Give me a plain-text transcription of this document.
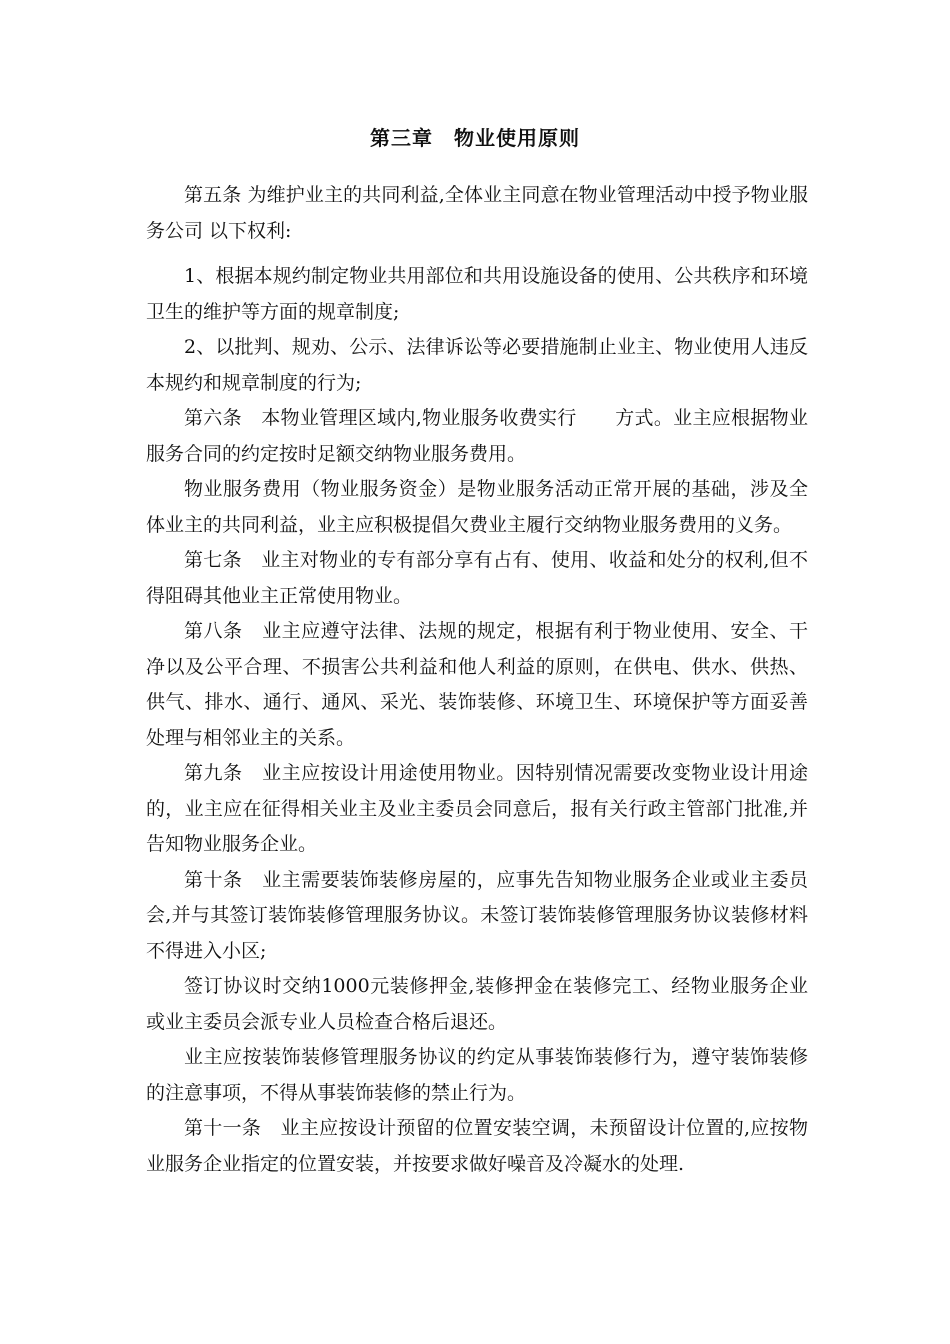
第三章　物业使用原则

第五条 为维护业主的共同利益,全体业主同意在物业管理活动中授予物业服务公司 以下权利:

1、根据本规约制定物业共用部位和共用设施设备的使用、公共秩序和环境卫生的维护等方面的规章制度;

2、以批判、规劝、公示、法律诉讼等必要措施制止业主、物业使用人违反本规约和规章制度的行为;

第六条　本物业管理区域内,物业服务收费实行　　方式。业主应根据物业服务合同的约定按时足额交纳物业服务费用。

物业服务费用（物业服务资金）是物业服务活动正常开展的基础，涉及全体业主的共同利益，业主应积极提倡欠费业主履行交纳物业服务费用的义务。

第七条　业主对物业的专有部分享有占有、使用、收益和处分的权利,但不得阻碍其他业主正常使用物业。

第八条　业主应遵守法律、法规的规定，根据有利于物业使用、安全、干净以及公平合理、不损害公共利益和他人利益的原则，在供电、供水、供热、供气、排水、通行、通风、采光、装饰装修、环境卫生、环境保护等方面妥善处理与相邻业主的关系。

第九条　业主应按设计用途使用物业。因特别情况需要改变物业设计用途的，业主应在征得相关业主及业主委员会同意后，报有关行政主管部门批准,并告知物业服务企业。

第十条　业主需要装饰装修房屋的，应事先告知物业服务企业或业主委员会,并与其签订装饰装修管理服务协议。未签订装饰装修管理服务协议装修材料不得进入小区;

签订协议时交纳1000元装修押金,装修押金在装修完工、经物业服务企业或业主委员会派专业人员检查合格后退还。

业主应按装饰装修管理服务协议的约定从事装饰装修行为，遵守装饰装修的注意事项，不得从事装饰装修的禁止行为。

第十一条　业主应按设计预留的位置安装空调，未预留设计位置的,应按物业服务企业指定的位置安装，并按要求做好噪音及冷凝水的处理.
